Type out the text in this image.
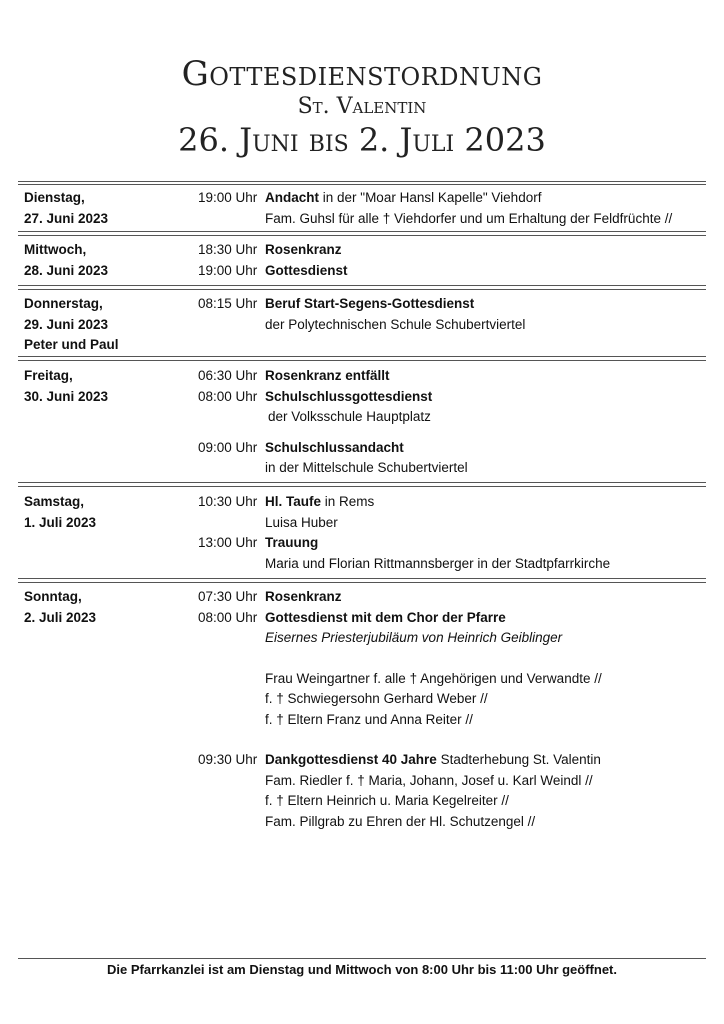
Gottesdienstordnung
St. Valentin
26. Juni bis 2. Juli 2023
Dienstag,
27. Juni 2023
19:00 Uhr Andacht in der "Moar Hansl Kapelle" Viehdorf
Fam. Guhsl für alle † Viehdorfer und um Erhaltung der Feldfrüchte //
Mittwoch,
28. Juni 2023
18:30 Uhr Rosenkranz
19:00 Uhr Gottesdienst
Donnerstag,
29. Juni 2023
Peter und Paul
08:15 Uhr Beruf Start-Segens-Gottesdienst
der Polytechnischen Schule Schubertviertel
Freitag,
30. Juni 2023
06:30 Uhr Rosenkranz entfällt
08:00 Uhr Schulschlussgottesdienst
der Volksschule Hauptplatz
09:00 Uhr Schulschlussandacht
in der Mittelschule Schubertviertel
Samstag,
1. Juli 2023
10:30 Uhr Hl. Taufe in Rems
Luisa Huber
13:00 Uhr Trauung
Maria und Florian Rittmannsberger in der Stadtpfarrkirche
Sonntag,
2. Juli 2023
07:30 Uhr Rosenkranz
08:00 Uhr Gottesdienst mit dem Chor der Pfarre
Eisernes Priesterjubiläum von Heinrich Geiblinger
Frau Weingartner f. alle † Angehörigen und Verwandte //
f. † Schwiegersohn Gerhard Weber //
f. † Eltern Franz und Anna Reiter //
09:30 Uhr Dankgottesdienst 40 Jahre Stadterhebung St. Valentin
Fam. Riedler f. † Maria, Johann, Josef u. Karl Weindl //
f. † Eltern Heinrich u. Maria Kegelreiter //
Fam. Pillgrab zu Ehren der Hl. Schutzengel //
Die Pfarrkanzlei ist am Dienstag und Mittwoch von 8:00 Uhr bis 11:00 Uhr geöffnet.
